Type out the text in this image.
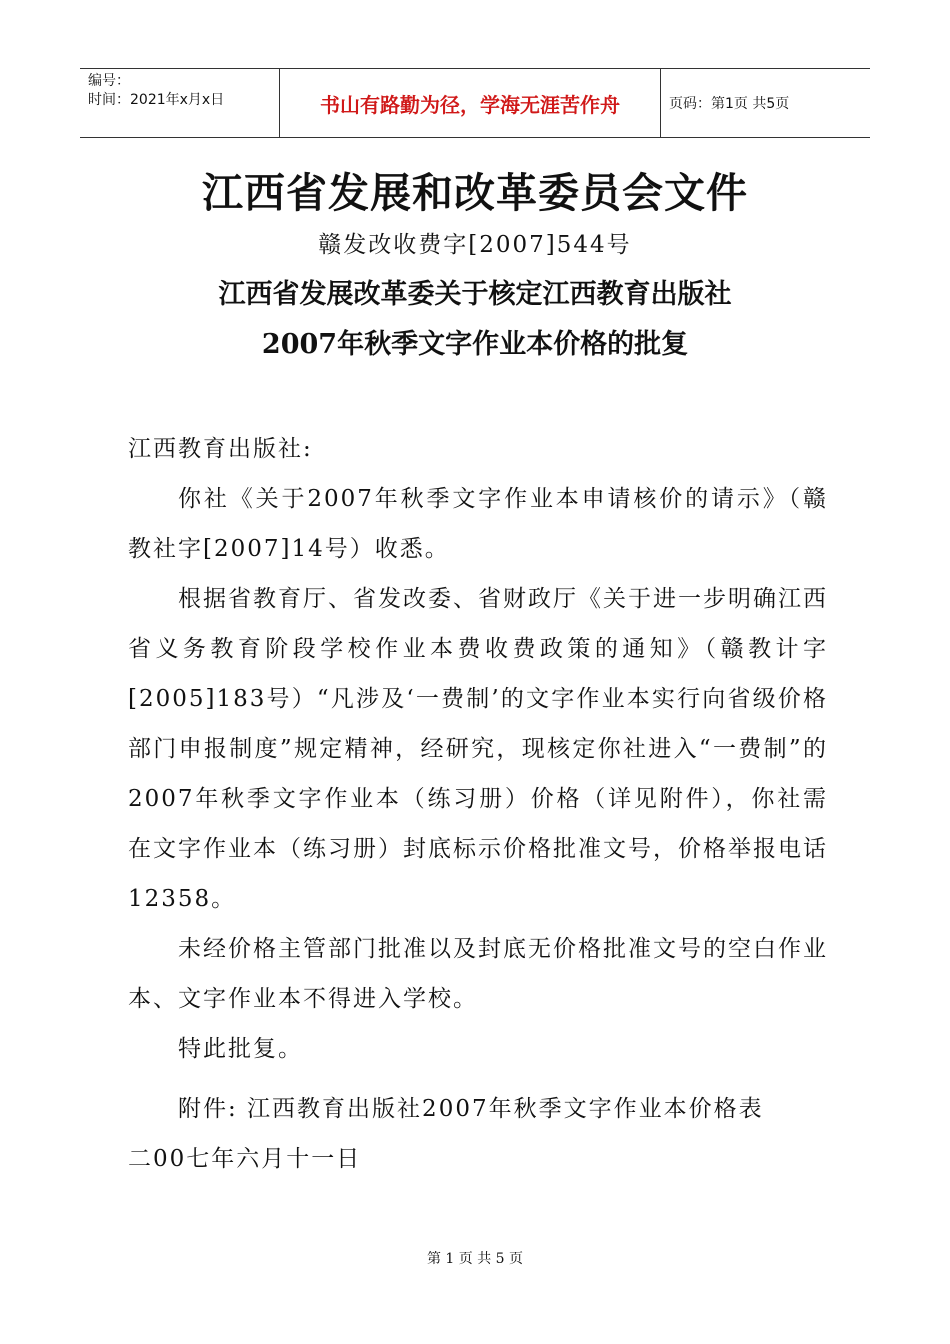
编号：
时间：2021年x月x日	书山有路勤为径，学海无涯苦作舟	页码：第1页 共5页
江西省发展和改革委员会文件
赣发改收费字[2007]544号
江西省发展改革委关于核定江西教育出版社
2007年秋季文字作业本价格的批复

江西教育出版社:

你社《关于2007年秋季文字作业本申请核价的请示》（赣教社字[2007]14号）收悉。

根据省教育厅、省发改委、省财政厅《关于进一步明确江西省义务教育阶段学校作业本费收费政策的通知》（赣教计字[2005]183号）“凡涉及‘一费制’的文字作业本实行向省级价格部门申报制度”规定精神，经研究，现核定你社进入“一费制”的2007年秋季文字作业本（练习册）价格（详见附件），你社需在文字作业本（练习册）封底标示价格批准文号，价格举报电话12358。

未经价格主管部门批准以及封底无价格批准文号的空白作业本、文字作业本不得进入学校。

特此批复。

附件: 江西教育出版社2007年秋季文字作业本价格表

二00七年六月十一日

第 1 页 共 5 页
